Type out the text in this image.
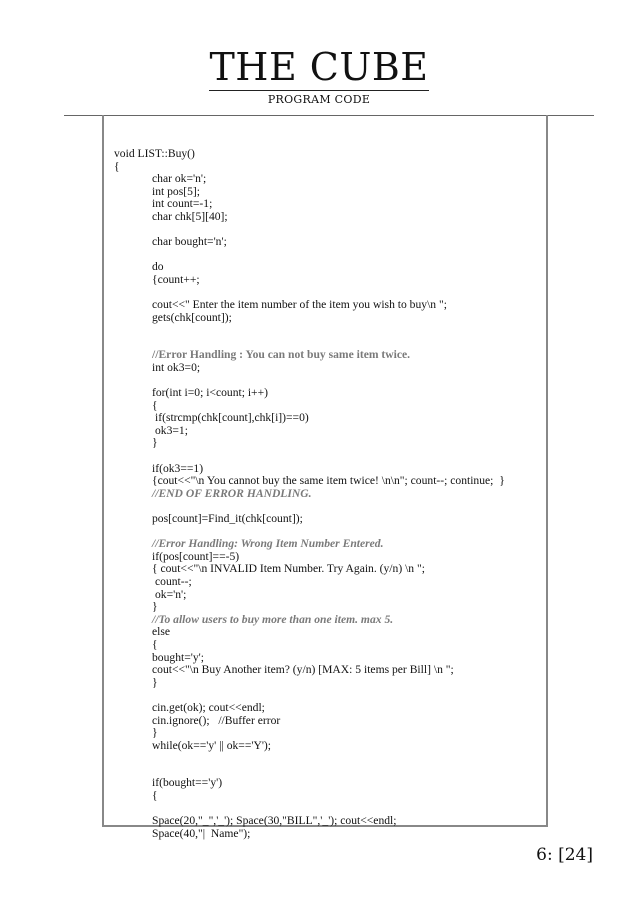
THE CUBE
PROGRAM CODE
void LIST::Buy()
{
char ok='n';
int pos[5];
int count=-1;
char chk[5][40];
char bought='n';
do
{count++;
cout<<" Enter the item number of the item you wish to buy\n ";
gets(chk[count]);
//Error Handling : You can not buy same item twice.
int ok3=0;
for(int i=0; i<count; i++)
{
if(strcmp(chk[count],chk[i])==0)
ok3=1;
}
if(ok3==1)
{cout<<"\n You cannot buy the same item twice! \n\n"; count--; continue;  }
//END OF ERROR HANDLING.
pos[count]=Find_it(chk[count]);
//Error Handling: Wrong Item Number Entered.
if(pos[count]==-5)
{ cout<<"\n INVALID Item Number. Try Again. (y/n) \n ";
count--;
ok='n';
}
//To allow users to buy more than one item. max 5.
else
{
bought='y';
cout<<"\n Buy Another item? (y/n) [MAX: 5 items per Bill] \n ";
}
cin.get(ok); cout<<endl;
cin.ignore();   //Buffer error
}
while(ok=='y' || ok=='Y');
if(bought=='y')
{
Space(20,"_",'_'); Space(30,"BILL",'_'); cout<<endl;
Space(40,"|  Name");
6: [24]
